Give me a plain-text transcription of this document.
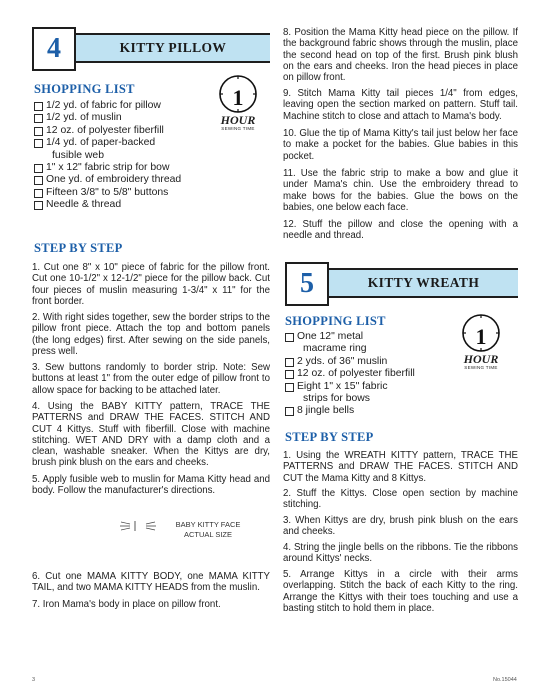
4	KITTY PILLOW
SHOPPING LIST	1
HOUR
SEWING TIME
1/2 yd. of fabric for pillow
1/2 yd. of muslin
12 oz. of polyester fiberfill
1/4 yd. of paper-backed
fusible web
1" x 12" fabric strip for bow
One yd. of embroidery thread
Fifteen 3/8" to 5/8" buttons
Needle & thread
STEP BY STEP

1. Cut one 8" x 10" piece of fabric for the pillow front. Cut one 10-1/2" x 12-1/2" piece for the pillow back. Cut four pieces of muslin measuring 1-3/4" x 11" for the front border.

2. With right sides together, sew the border strips to the pillow front piece. Attach the top and bottom panels (the long edges) first. After sewing on the side panels, press well.

3. Sew buttons randomly to border strip. Note: Sew buttons at least 1" from the outer edge of pillow front to allow space for backing to be attached later.

4. Using the BABY KITTY pattern, TRACE THE PATTERNS and DRAW THE FACES. STITCH AND CUT 4 Kittys. Stuff with fiberfill. Close with machine stitching. WET AND DRY with a damp cloth and a clean, washable sneaker. When the Kittys are dry, brush pink blush on the ears and cheeks.

5. Apply fusible web to muslin for Mama Kitty head and body. Follow the manufacturer's directions.

BABY KITTY FACE
ACTUAL SIZE

6. Cut one MAMA KITTY BODY, one MAMA KITTY TAIL, and two MAMA KITTY HEADS from the muslin.

7. Iron Mama's body in place on pillow front.

3

8. Position the Mama Kitty head piece on the pillow. If the background fabric shows through the muslin, place the second head on top of the first. Brush pink blush on the ears and cheeks. Iron the head pieces in place on pillow front.

9. Stitch Mama Kitty tail pieces 1/4" from edges, leaving open the section marked on pattern. Stuff tail. Machine stitch to close and attach to Mama's body.

10. Glue the tip of Mama Kitty's tail just below her face to make a pocket for the babies. Glue babies in this pocket.

11. Use the fabric strip to make a bow and glue it under Mama's chin. Use the embroidery thread to make bows for the babies. Glue the bows on the babies, one below each face.

12. Stuff the pillow and close the opening with a needle and thread.

5	KITTY WREATH
SHOPPING LIST
1
HOUR
SEWING TIME
One 12" metal
macrame ring
2 yds. of 36" muslin
12 oz. of polyester fiberfill
Eight 1" x 15" fabric
strips for bows
8 jingle bells
STEP BY STEP

1. Using the WREATH KITTY pattern, TRACE THE PATTERNS and DRAW THE FACES. STITCH AND CUT the Mama Kitty and 8 Kittys.

2. Stuff the Kittys. Close open section by machine stitching.

3. When Kittys are dry, brush pink blush on the ears and cheeks.

4. String the jingle bells on the ribbons. Tie the ribbons around Kittys' necks.

5. Arrange Kittys in a circle with their arms overlapping. Stitch the back of each Kitty to the ring. Arrange the Kittys with their toes touching and use a basting stitch to hold them in place.

No.15044
